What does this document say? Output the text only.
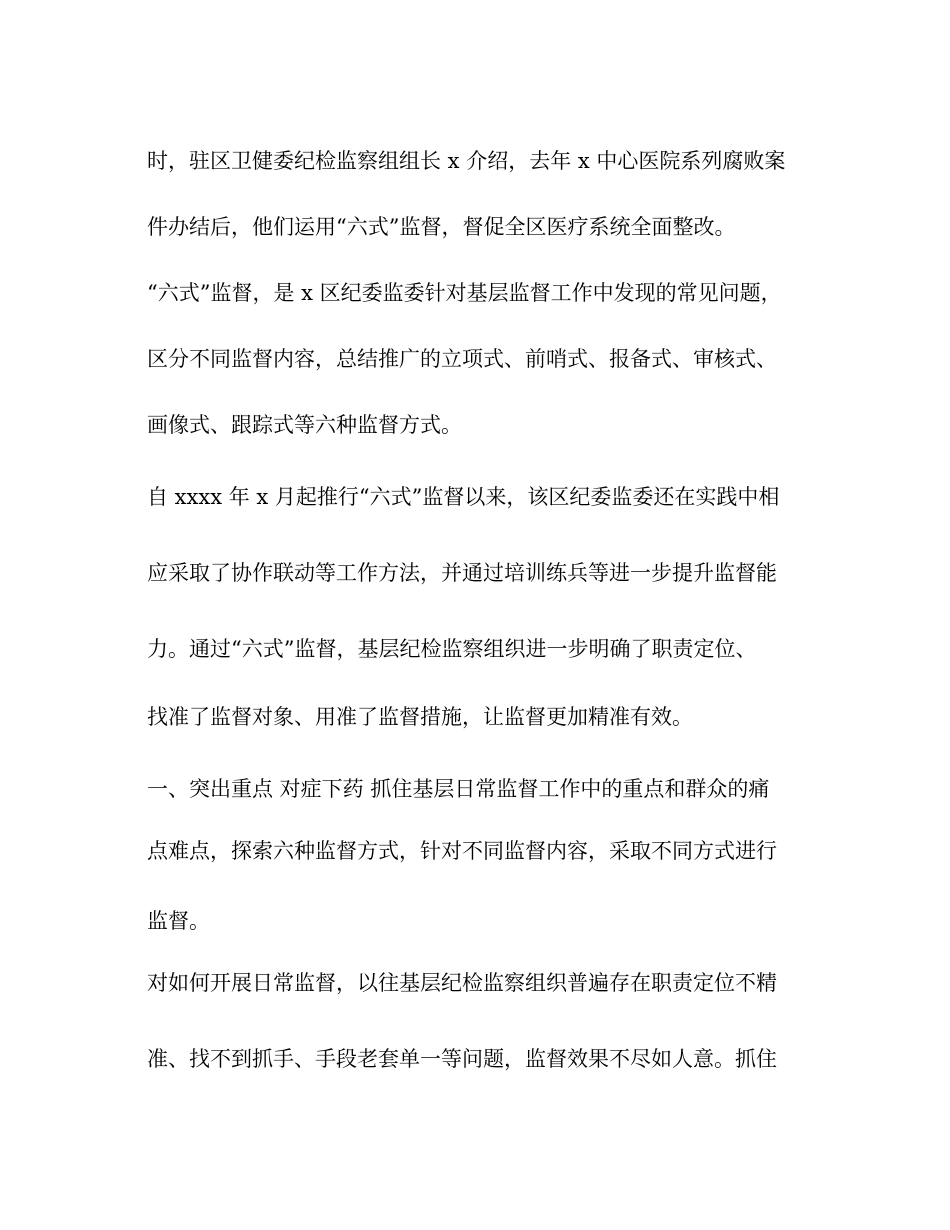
时，驻区卫健委纪检监察组组长 x 介绍，去年 x 中心医院系列腐败案
件办结后，他们运用“六式”监督，督促全区医疗系统全面整改。
“六式”监督，是 x 区纪委监委针对基层监督工作中发现的常见问题，
区分不同监督内容，总结推广的立项式、前哨式、报备式、审核式、
画像式、跟踪式等六种监督方式。
自 xxxx 年 x 月起推行“六式”监督以来，该区纪委监委还在实践中相
应采取了协作联动等工作方法，并通过培训练兵等进一步提升监督能
力。通过“六式”监督，基层纪检监察组织进一步明确了职责定位、
找准了监督对象、用准了监督措施，让监督更加精准有效。
一、突出重点 对症下药 抓住基层日常监督工作中的重点和群众的痛
点难点，探索六种监督方式，针对不同监督内容，采取不同方式进行
监督。
对如何开展日常监督，以往基层纪检监察组织普遍存在职责定位不精
准、找不到抓手、手段老套单一等问题，监督效果不尽如人意。抓住
